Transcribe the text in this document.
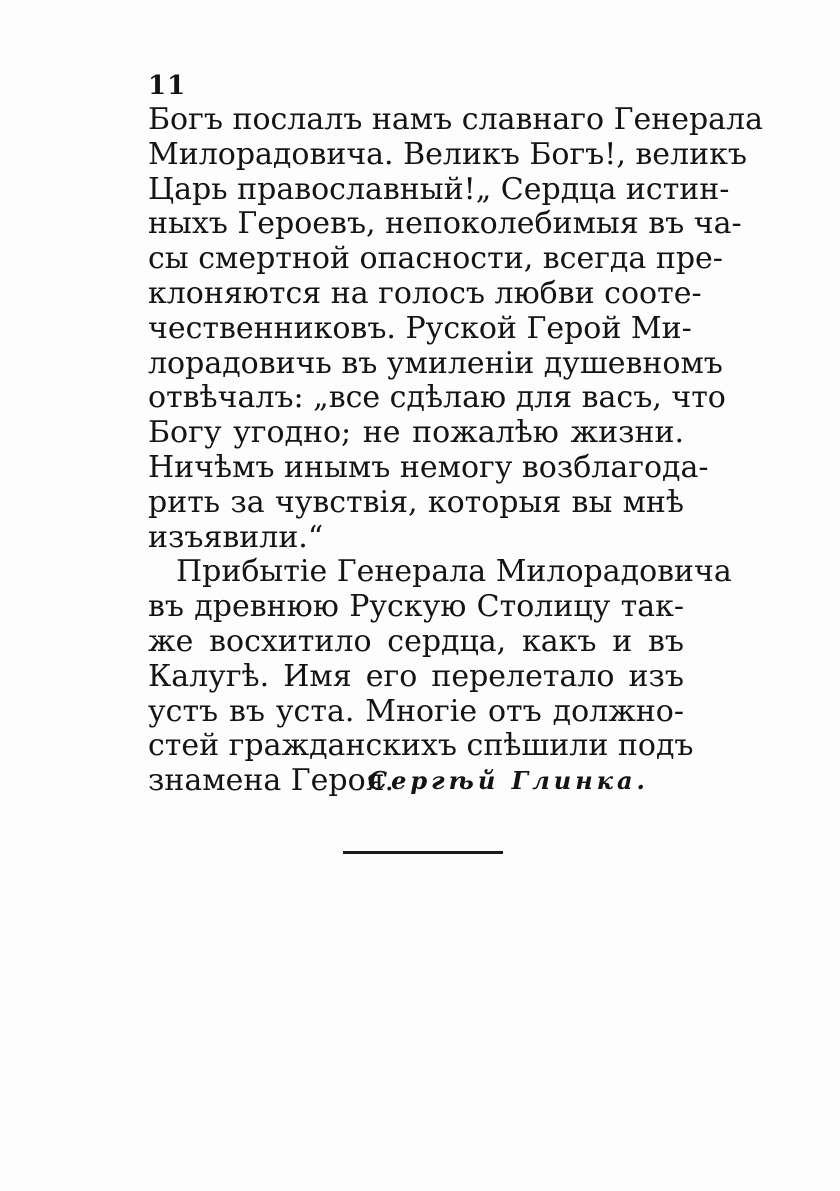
11
Богъ послалъ намъ славнаго Генерала
Милорадовича. Великъ Богъ!, великъ
Царь православный!„ Сердца истин-
ныхъ Героевъ, непоколебимыя въ ча-
сы смертной опасности, всегда пре-
клоняются на голосъ любви сооте-
чественниковъ. Руской Герой Ми-
лорадовичь въ умиленiи душевномъ
отвѣчалъ: „все сдѣлаю для васъ, что
Богу угодно; не пожалѣю жизни.
Ничѣмъ инымъ немогу возблагода-
рить за чувствiя, которыя вы мнѣ
изъявили.“
Прибытiе Генерала Милорадовича
въ древнюю Рускую Столицу так-
же восхитило сердца, какъ и въ
Калугѣ. Имя его перелетало изъ
устъ въ уста. Многiе отъ должно-
стей гражданскихъ спѣшили подъ
знамена Героя.
Сергѣй Глинка.
